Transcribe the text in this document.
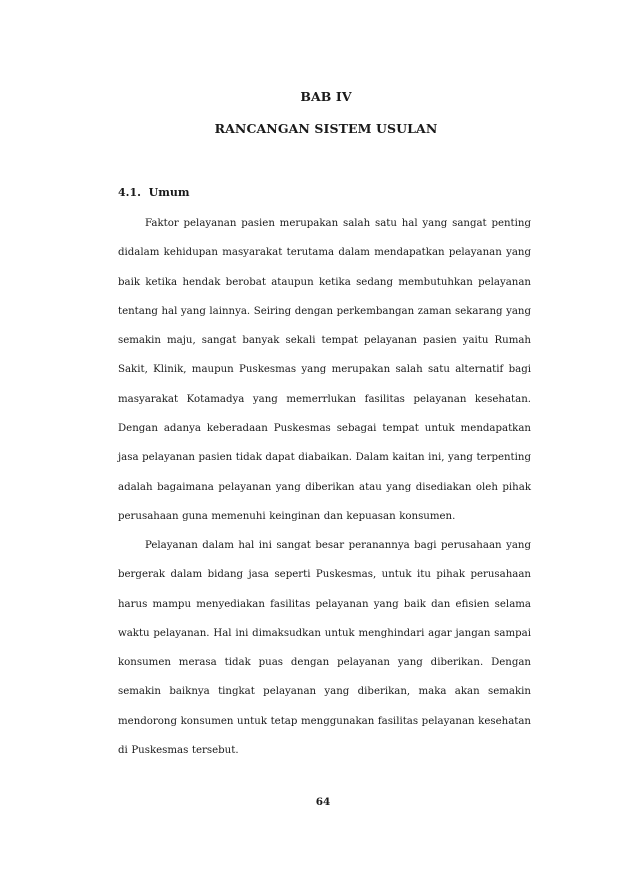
BAB IV
RANCANGAN SISTEM USULAN
4.1.  Umum

Faktor pelayanan pasien merupakan salah satu hal yang sangat penting didalam kehidupan masyarakat terutama dalam mendapatkan pelayanan yang baik ketika hendak berobat ataupun ketika sedang membutuhkan pelayanan tentang hal yang lainnya. Seiring dengan perkembangan zaman sekarang yang semakin maju, sangat banyak sekali tempat pelayanan pasien yaitu Rumah Sakit, Klinik, maupun Puskesmas yang merupakan salah satu alternatif bagi masyarakat Kotamadya yang memerrlukan fasilitas pelayanan kesehatan. Dengan adanya keberadaan Puskesmas sebagai tempat untuk mendapatkan jasa pelayanan pasien tidak dapat diabaikan. Dalam kaitan ini, yang terpenting adalah bagaimana pelayanan yang diberikan atau yang disediakan oleh pihak perusahaan guna memenuhi keinginan dan kepuasan konsumen.

Pelayanan dalam hal ini sangat besar peranannya bagi perusahaan yang bergerak dalam bidang jasa seperti Puskesmas, untuk itu pihak perusahaan harus mampu menyediakan fasilitas pelayanan yang baik dan efisien selama waktu pelayanan. Hal ini dimaksudkan untuk menghindari agar jangan sampai konsumen merasa tidak puas dengan pelayanan yang diberikan. Dengan semakin baiknya tingkat pelayanan yang diberikan, maka akan semakin mendorong konsumen untuk tetap menggunakan fasilitas pelayanan kesehatan di Puskesmas tersebut.

64
